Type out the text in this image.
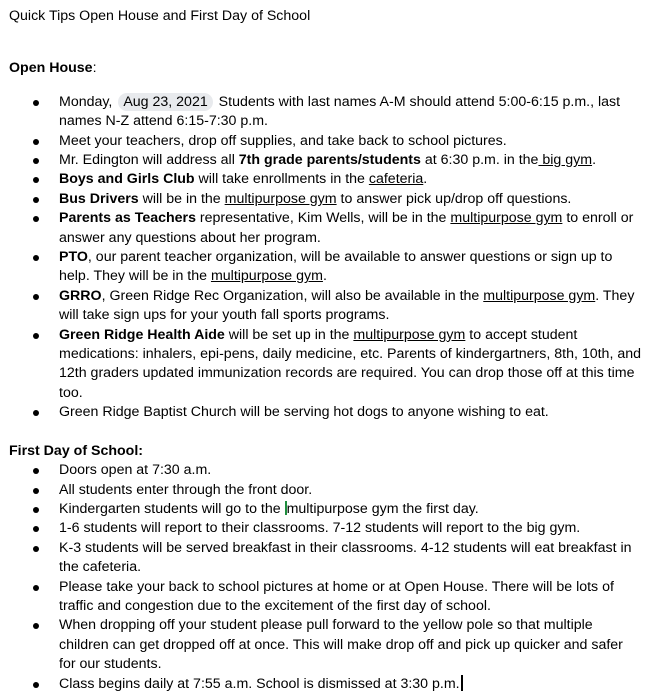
Quick Tips Open House and First Day of School

Open House:

Monday, Aug 23, 2021 Students with last names A-M should attend 5:00-6:15 p.m., last names N-Z attend 6:15-7:30 p.m.
Meet your teachers, drop off supplies, and take back to school pictures.
Mr. Edington will address all 7th grade parents/students at 6:30 p.m. in the big gym.
Boys and Girls Club will take enrollments in the cafeteria.
Bus Drivers will be in the multipurpose gym to answer pick up/drop off questions.
Parents as Teachers representative, Kim Wells, will be in the multipurpose gym to enroll or answer any questions about her program.
PTO, our parent teacher organization, will be available to answer questions or sign up to help. They will be in the multipurpose gym.
GRRO, Green Ridge Rec Organization, will also be available in the multipurpose gym. They will take sign ups for your youth fall sports programs.
Green Ridge Health Aide will be set up in the multipurpose gym to accept student medications: inhalers, epi-pens, daily medicine, etc. Parents of kindergartners, 8th, 10th, and 12th graders updated immunization records are required. You can drop those off at this time too.
Green Ridge Baptist Church will be serving hot dogs to anyone wishing to eat.

First Day of School:

Doors open at 7:30 a.m.
All students enter through the front door.
Kindergarten students will go to the multipurpose gym the first day.
1-6 students will report to their classrooms. 7-12 students will report to the big gym.
K-3 students will be served breakfast in their classrooms. 4-12 students will eat breakfast in the cafeteria.
Please take your back to school pictures at home or at Open House. There will be lots of traffic and congestion due to the excitement of the first day of school.
When dropping off your student please pull forward to the yellow pole so that multiple children can get dropped off at once. This will make drop off and pick up quicker and safer for our students.
Class begins daily at 7:55 a.m. School is dismissed at 3:30 p.m.
